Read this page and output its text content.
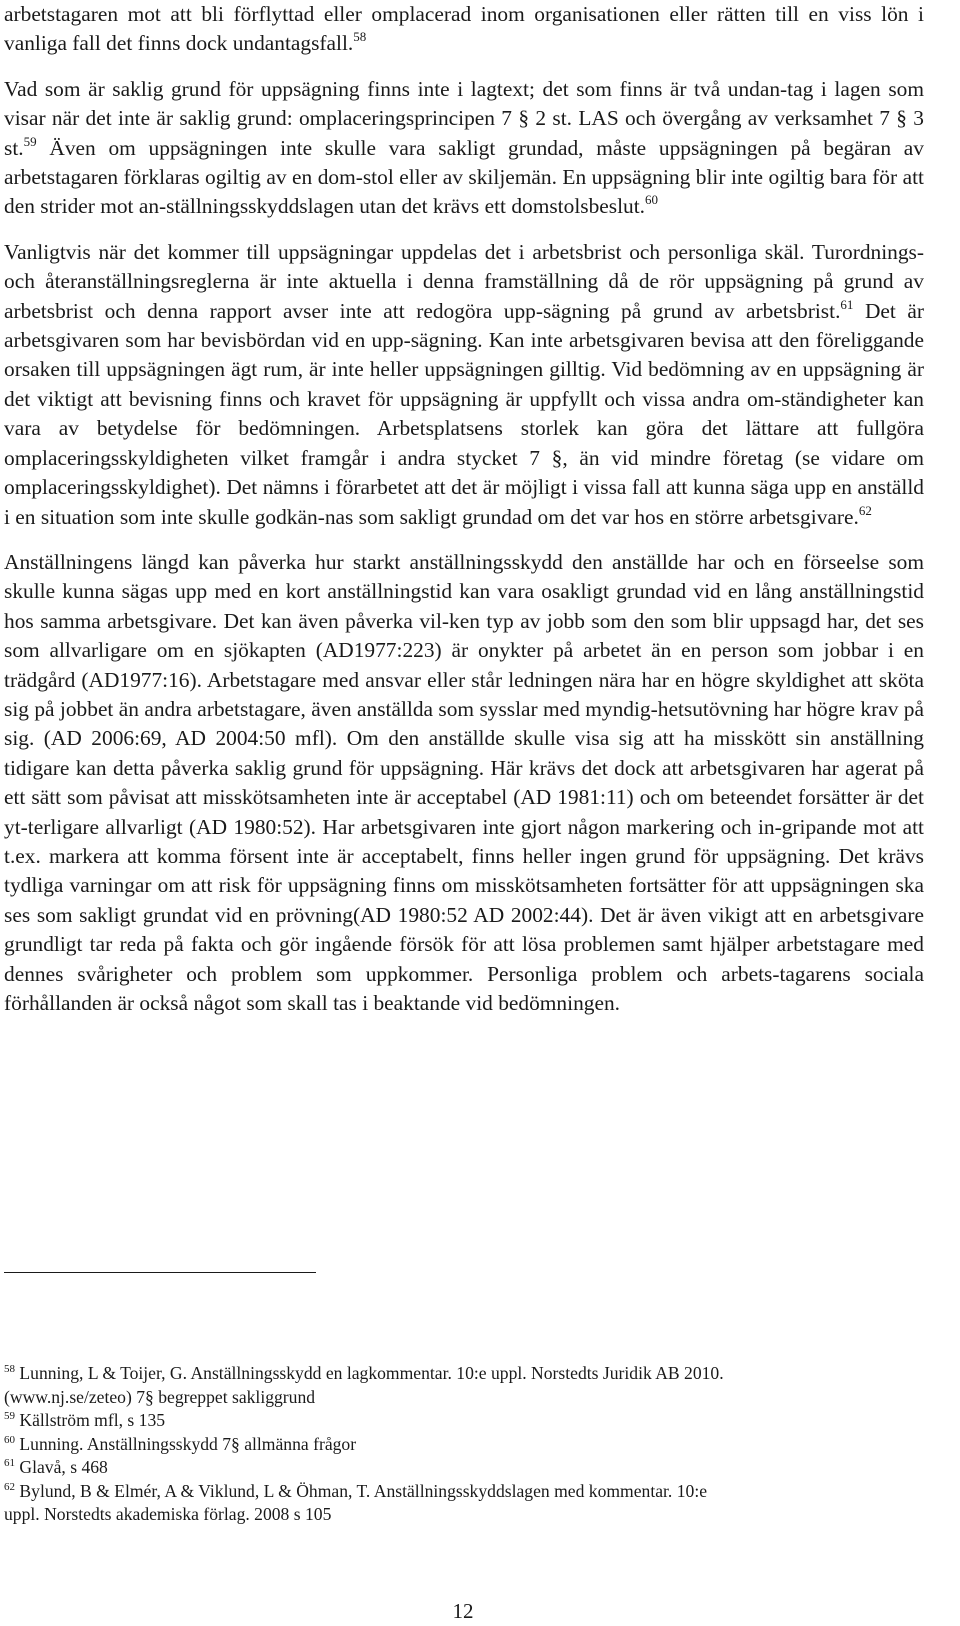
arbetstagaren mot att bli förflyttad eller omplacerad inom organisationen eller rätten till en viss lön i vanliga fall det finns dock undantagsfall.$^{58}$

Vad som är saklig grund för uppsägning finns inte i lagtext; det som finns är två undan-tag i lagen som visar när det inte är saklig grund: omplaceringsprincipen 7 § 2 st. LAS och övergång av verksamhet 7 § 3 st.$^{59}$ Även om uppsägningen inte skulle vara sakligt grundad, måste uppsägningen på begäran av arbetstagaren förklaras ogiltig av en dom-stol eller av skiljemän. En uppsägning blir inte ogiltig bara för att den strider mot an-ställningsskyddslagen utan det krävs ett domstolsbeslut.$^{60}$

Vanligtvis när det kommer till uppsägningar uppdelas det i arbetsbrist och personliga skäl. Turordnings- och återanställningsreglerna är inte aktuella i denna framställning då de rör uppsägning på grund av arbetsbrist och denna rapport avser inte att redogöra upp-sägning på grund av arbetsbrist.$^{61}$ Det är arbetsgivaren som har bevisbördan vid en upp-sägning. Kan inte arbetsgivaren bevisa att den föreliggande orsaken till uppsägningen ägt rum, är inte heller uppsägningen gilltig. Vid bedömning av en uppsägning är det viktigt att bevisning finns och kravet för uppsägning är uppfyllt och vissa andra om-ständigheter kan vara av betydelse för bedömningen. Arbetsplatsens storlek kan göra det lättare att fullgöra omplaceringsskyldigheten vilket framgår i andra stycket 7 §, än vid mindre företag (se vidare om omplaceringsskyldighet). Det nämns i förarbetet att det är möjligt i vissa fall att kunna säga upp en anställd i en situation som inte skulle godkän-nas som sakligt grundad om det var hos en större arbetsgivare.$^{62}$

Anställningens längd kan påverka hur starkt anställningsskydd den anställde har och en förseelse som skulle kunna sägas upp med en kort anställningstid kan vara osakligt grundad vid en lång anställningstid hos samma arbetsgivare. Det kan även påverka vil-ken typ av jobb som den som blir uppsagd har, det ses som allvarligare om en sjökapten (AD1977:223) är onykter på arbetet än en person som jobbar i en trädgård (AD1977:16). Arbetstagare med ansvar eller står ledningen nära har en högre skyldighet att sköta sig på jobbet än andra arbetstagare, även anställda som sysslar med myndig-hetsutövning har högre krav på sig. (AD 2006:69, AD 2004:50 mfl). Om den anställde skulle visa sig att ha misskött sin anställning tidigare kan detta påverka saklig grund för uppsägning. Här krävs det dock att arbetsgivaren har agerat på ett sätt som påvisat att misskötsamheten inte är acceptabel (AD 1981:11) och om beteendet forsätter är det yt-terligare allvarligt (AD 1980:52). Har arbetsgivaren inte gjort någon markering och in-gripande mot att t.ex. markera att komma försent inte är acceptabelt, finns heller ingen grund för uppsägning. Det krävs tydliga varningar om att risk för uppsägning finns om misskötsamheten fortsätter för att uppsägningen ska ses som sakligt grundat vid en prövning(AD 1980:52 AD 2002:44). Det är även vikigt att en arbetsgivare grundligt tar reda på fakta och gör ingående försök för att lösa problemen samt hjälper arbetstagare med dennes svårigheter och problem som uppkommer. Personliga problem och arbets-tagarens sociala förhållanden är också något som skall tas i beaktande vid bedömningen.

$^{58}$ Lunning, L & Toijer, G. Anställningsskydd en lagkommentar. 10:e uppl. Norstedts Juridik AB 2010.
(www.nj.se/zeteo) 7§ begreppet sakliggrund
$^{59}$ Källström mfl, s 135
$^{60}$ Lunning. Anställningsskydd 7§ allmänna frågor
$^{61}$ Glavå, s 468
$^{62}$ Bylund, B & Elmér, A & Viklund, L & Öhman, T. Anställningsskyddslagen med kommentar. 10:e
uppl. Norstedts akademiska förlag. 2008 s 105
12
